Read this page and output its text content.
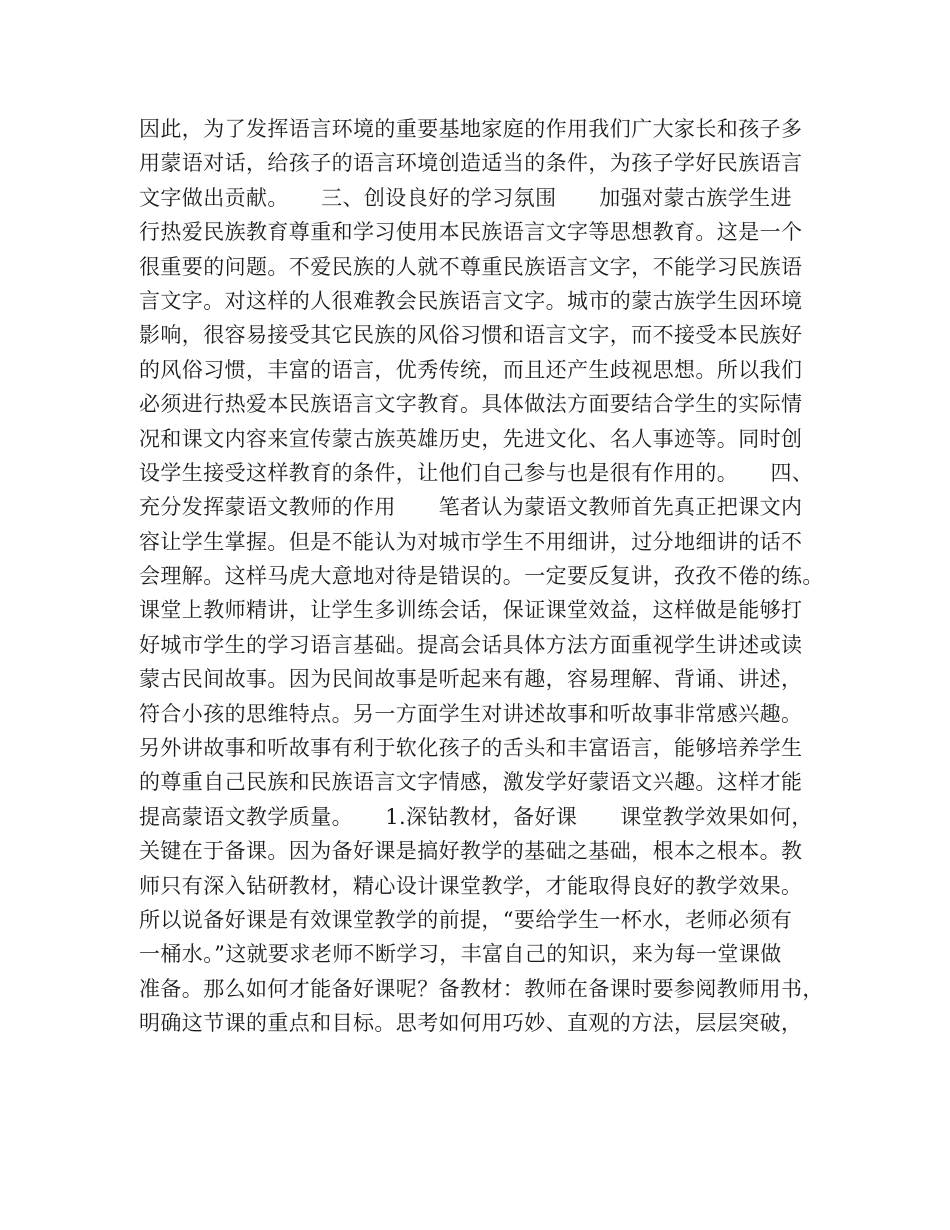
因此，为了发挥语言环境的重要基地家庭的作用我们广大家长和孩子多
用蒙语对话，给孩子的语言环境创造适当的条件，为孩子学好民族语言
文字做出贡献。　　三、创设良好的学习氛围　　加强对蒙古族学生进
行热爱民族教育尊重和学习使用本民族语言文字等思想教育。这是一个
很重要的问题。不爱民族的人就不尊重民族语言文字，不能学习民族语
言文字。对这样的人很难教会民族语言文字。城市的蒙古族学生因环境
影响，很容易接受其它民族的风俗习惯和语言文字，而不接受本民族好
的风俗习惯，丰富的语言，优秀传统，而且还产生歧视思想。所以我们
必须进行热爱本民族语言文字教育。具体做法方面要结合学生的实际情
况和课文内容来宣传蒙古族英雄历史，先进文化、名人事迹等。同时创
设学生接受这样教育的条件，让他们自己参与也是很有作用的。　　四、
充分发挥蒙语文教师的作用　　笔者认为蒙语文教师首先真正把课文内
容让学生掌握。但是不能认为对城市学生不用细讲，过分地细讲的话不
会理解。这样马虎大意地对待是错误的。一定要反复讲，孜孜不倦的练。
课堂上教师精讲，让学生多训练会话，保证课堂效益，这样做是能够打
好城市学生的学习语言基础。提高会话具体方法方面重视学生讲述或读
蒙古民间故事。因为民间故事是听起来有趣，容易理解、背诵、讲述，
符合小孩的思维特点。另一方面学生对讲述故事和听故事非常感兴趣。
另外讲故事和听故事有利于软化孩子的舌头和丰富语言，能够培养学生
的尊重自己民族和民族语言文字情感，激发学好蒙语文兴趣。这样才能
提高蒙语文教学质量。　　1.深钻教材，备好课　　课堂教学效果如何，
关键在于备课。因为备好课是搞好教学的基础之基础，根本之根本。教
师只有深入钻研教材，精心设计课堂教学，才能取得良好的教学效果。
所以说备好课是有效课堂教学的前提，“要给学生一杯水，老师必须有
一桶水。”这就要求老师不断学习，丰富自己的知识，来为每一堂课做
准备。那么如何才能备好课呢？备教材：教师在备课时要参阅教师用书，
明确这节课的重点和目标。思考如何用巧妙、直观的方法，层层突破，
